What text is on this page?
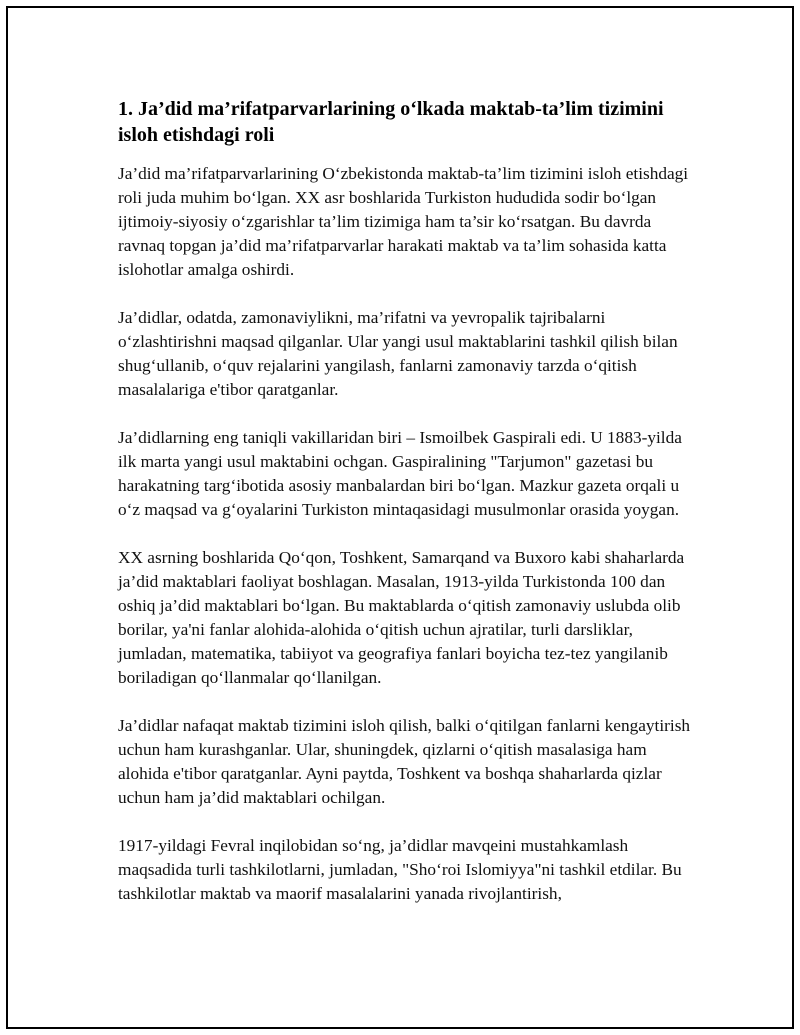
1. Ja’did ma’rifatparvarlarining o‘lkada maktab-ta’lim tizimini isloh etishdagi roli

Ja’did ma’rifatparvarlarining O‘zbekistonda maktab-ta’lim tizimini isloh etishdagi roli juda muhim bo‘lgan. XX asr boshlarida Turkiston hududida sodir bo‘lgan ijtimoiy-siyosiy o‘zgarishlar ta’lim tizimiga ham ta’sir ko‘rsatgan. Bu davrda ravnaq topgan ja’did ma’rifatparvarlar harakati maktab va ta’lim sohasida katta islohotlar amalga oshirdi.

Ja’didlar, odatda, zamonaviylikni, ma’rifatni va yevropalik tajribalarni o‘zlashtirishni maqsad qilganlar. Ular yangi usul maktablarini tashkil qilish bilan shug‘ullanib, o‘quv rejalarini yangilash, fanlarni zamonaviy tarzda o‘qitish masalalariga e'tibor qaratganlar.

Ja’didlarning eng taniqli vakillaridan biri – Ismoilbek Gaspirali edi. U 1883-yilda ilk marta yangi usul maktabini ochgan. Gaspiralining "Tarjumon" gazetasi bu harakatning targ‘ibotida asosiy manbalardan biri bo‘lgan. Mazkur gazeta orqali u o‘z maqsad va g‘oyalarini Turkiston mintaqasidagi musulmonlar orasida yoygan.

XX asrning boshlarida Qo‘qon, Toshkent, Samarqand va Buxoro kabi shaharlarda ja’did maktablari faoliyat boshlagan. Masalan, 1913-yilda Turkistonda 100 dan oshiq ja’did maktablari bo‘lgan. Bu maktablarda o‘qitish zamonaviy uslubda olib borilar, ya'ni fanlar alohida-alohida o‘qitish uchun ajratilar, turli darsliklar, jumladan, matematika, tabiiyot va geografiya fanlari boyicha tez-tez yangilanib boriladigan qo‘llanmalar qo‘llanilgan.

Ja’didlar nafaqat maktab tizimini isloh qilish, balki o‘qitilgan fanlarni kengaytirish uchun ham kurashganlar. Ular, shuningdek, qizlarni o‘qitish masalasiga ham alohida e'tibor qaratganlar. Ayni paytda, Toshkent va boshqa shaharlarda qizlar uchun ham ja’did maktablari ochilgan.

1917-yildagi Fevral inqilobidan so‘ng, ja’didlar mavqeini mustahkamlash maqsadida turli tashkilotlarni, jumladan, "Sho‘roi Islomiyya"ni tashkil etdilar. Bu tashkilotlar maktab va maorif masalalarini yanada rivojlantirish,
